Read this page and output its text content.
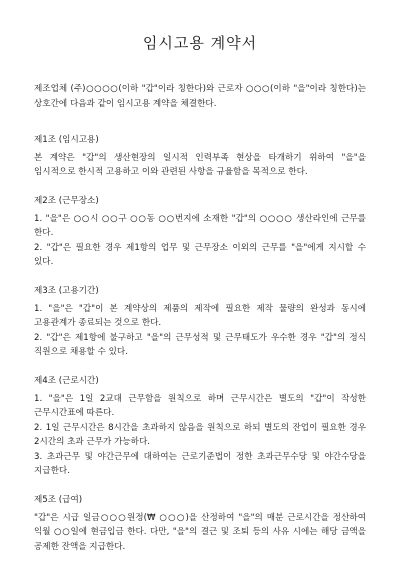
임시고용 계약서

제조업체 (주)○○○○(이하 "갑"이라 칭한다)와 근로자 ○○○(이하 "을"이라 칭한다)는 상호간에 다음과 같이 임시고용 계약을 체결한다.

제1조 (임시고용)

본 계약은 "갑"의 생산현장의 일시적 인력부족 현상을 타개하기 위하여 "을"을 임시적으로 한시적 고용하고 이와 관련된 사항을 규율함을 목적으로 한다.

제2조 (근무장소)

1. "을"은 ○○시 ○○구 ○○동 ○○번지에 소재한 "갑"의 ○○○○ 생산라인에 근무를 한다.

2. "갑"은 필요한 경우 제1항의 업무 및 근무장소 이외의 근무를 "을"에게 지시할 수 있다.

제3조 (고용기간)

1. "을"은 "갑"이 본 계약상의 제품의 제작에 필요한 제작 물량의 완성과 동시에 고용관계가 종료되는 것으로 한다.

2. "갑"은 제1항에 불구하고 "을"의 근무성적 및 근무태도가 우수한 경우 "갑"의 정식 직원으로 채용할 수 있다.

제4조 (근로시간)

1. "을"은 1일 2교대 근무함을 원칙으로 하며 근무시간은 별도의 "갑"이 작성한 근무시간표에 따른다.

2. 1일 근무시간은 8시간을 초과하지 않음을 원칙으로 하되 별도의 잔업이 필요한 경우 2시간의 초과 근무가 가능하다.

3. 초과근무 및 야간근무에 대하여는 근로기준법이 정한 초과근무수당 및 야간수당을 지급한다.

제5조 (급여)

"갑"은 시급 일금○○○원정(₩ ○○○)을 산정하여 "을"의 매분 근로시간을 정산하여 익월 ○○일에 현금입금 한다. 다만, "을"의 결근 및 조퇴 등의 사유 시에는 해당 금액을 공제한 잔액을 지급한다.
